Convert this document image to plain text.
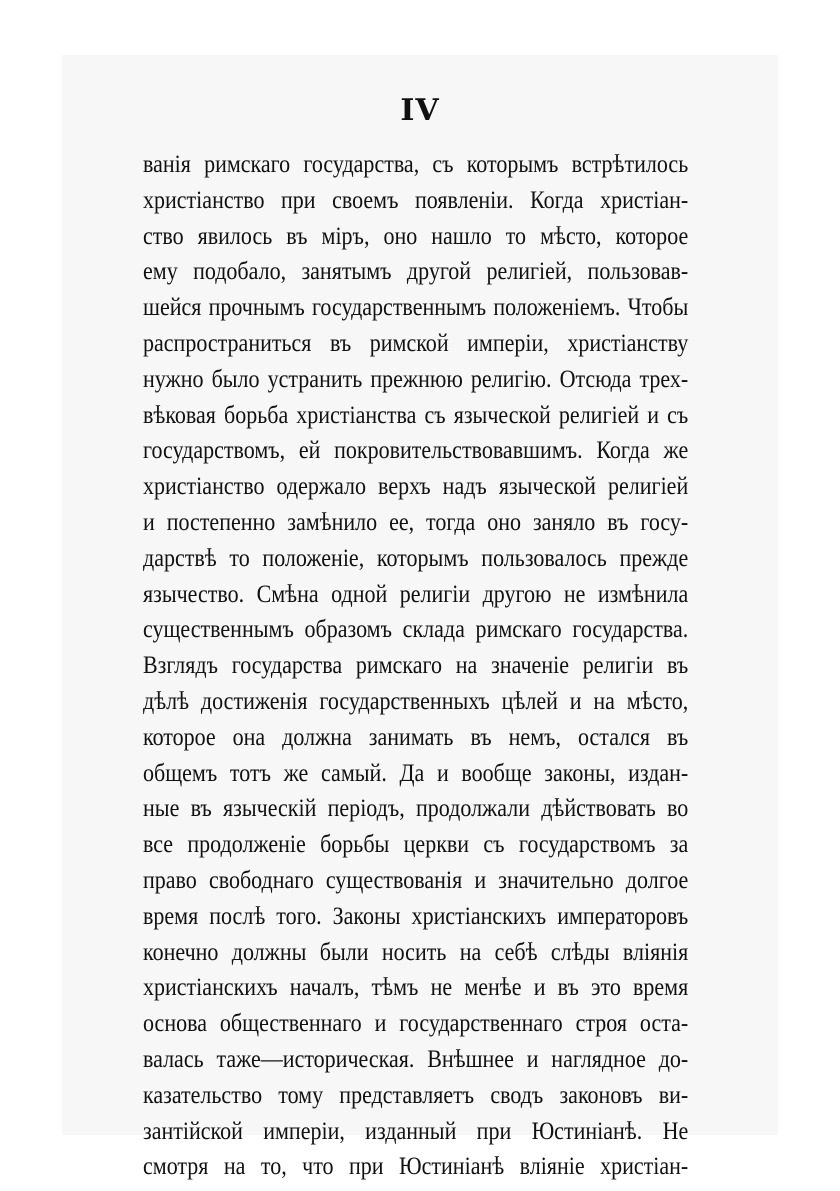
IV
ванія римскаго государства, съ которымъ встрѣтилось
христіанство при своемъ появленіи. Когда христіан-
ство явилось въ міръ, оно нашло то мѣсто, которое
ему подобало, занятымъ другой религіей, пользовав-
шейся прочнымъ государственнымъ положеніемъ. Чтобы
распространиться въ римской имперіи, христіанству
нужно было устранить прежнюю религію. Отсюда трех-
вѣковая борьба христіанства съ языческой религіей и съ
государствомъ, ей покровительствовавшимъ. Когда же
христіанство одержало верхъ надъ языческой религіей
и постепенно замѣнило ее, тогда оно заняло въ госу-
дарствѣ то положеніе, которымъ пользовалось прежде
язычество. Смѣна одной религіи другою не измѣнила
существеннымъ образомъ склада римскаго государства.
Взглядъ государства римскаго на значеніе религіи въ
дѣлѣ достиженія государственныхъ цѣлей и на мѣсто,
которое она должна занимать въ немъ, остался въ
общемъ тотъ же самый. Да и вообще законы, издан-
ные въ языческій періодъ, продолжали дѣйствовать во
все продолженіе борьбы церкви съ государствомъ за
право свободнаго существованія и значительно долгое
время послѣ того. Законы христіанскихъ императоровъ
конечно должны были носить на себѣ слѣды вліянія
христіанскихъ началъ, тѣмъ не менѣе и въ это время
основа общественнаго и государственнаго строя оста-
валась таже—историческая. Внѣшнее и наглядное до-
казательство тому представляетъ сводъ законовъ ви-
зантійской имперіи, изданный при Юстиніанѣ. Не
смотря на то, что при Юстиніанѣ вліяніе христіан-
